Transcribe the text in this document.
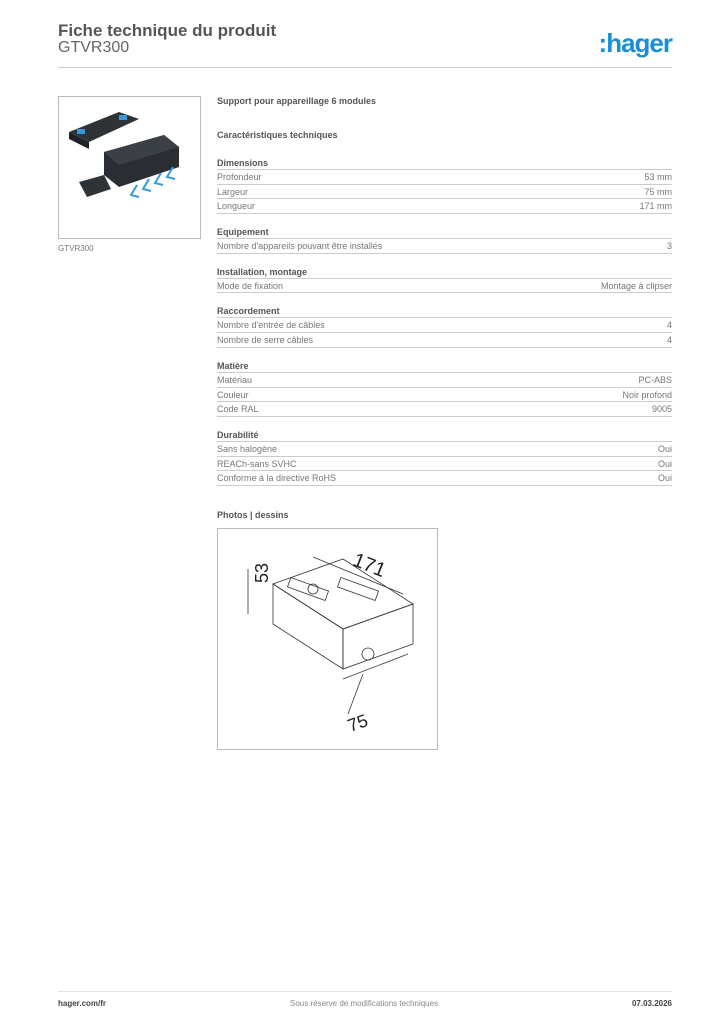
Fiche technique du produit
GTVR300	:hager
GTVR300
Support pour appareillage 6 modules
Caractéristiques techniques
Dimensions
Profondeur	53 mm
Largeur	75 mm
Longueur	171 mm
Equipement
Nombre d'appareils pouvant être installés	3
Installation, montage
Mode de fixation	Montage à clipser
Raccordement
Nombre d'entrée de câbles	4
Nombre de serre câbles	4
Matière
Matériau	PC-ABS
Couleur	Noir profond
Code RAL	9005
Durabilité
Sans halogène	Oui
REACh-sans SVHC	Oui
Conforme à la directive RoHS	Oui
Photos | dessins
171
53
75
hager.com/fr	Sous réserve de modifications techniques	07.03.2026
